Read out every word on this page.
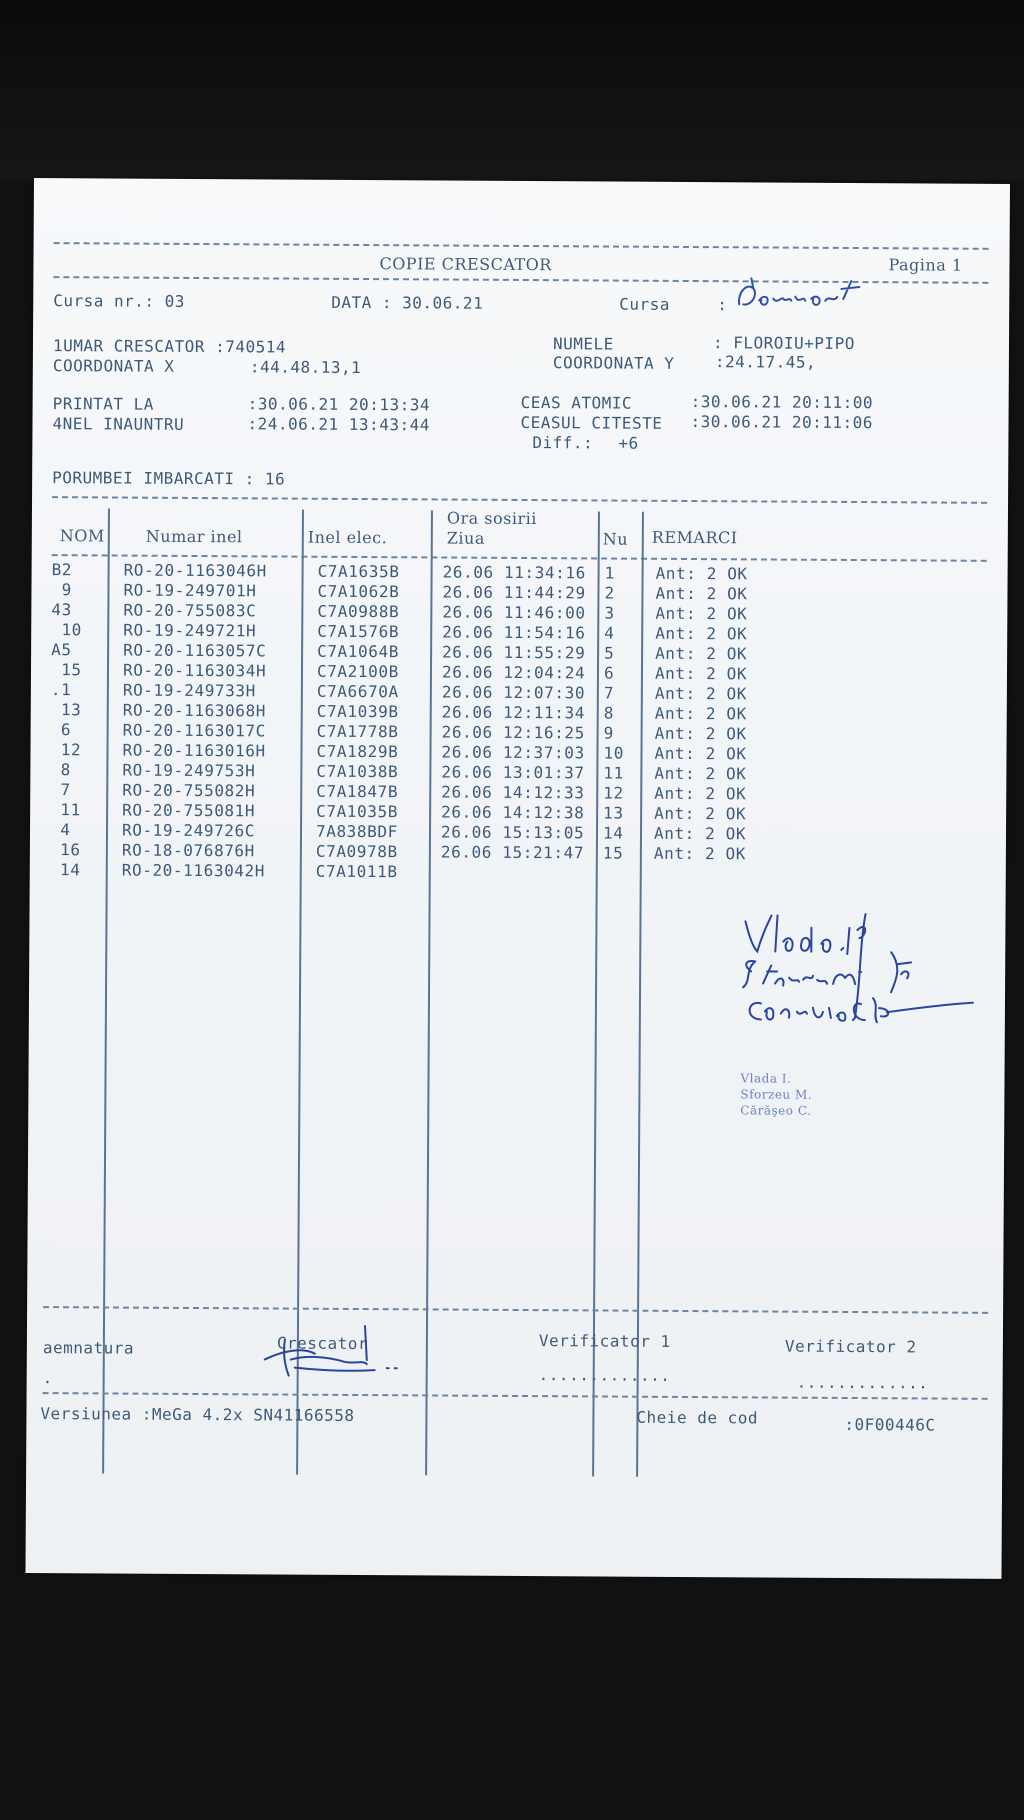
COPIE CRESCATOR	Pagina 1
Cursa nr.: 03	DATA : 30.06.21	Cursa	:
1UMAR CRESCATOR :740514
COORDONATA X	:44.48.13,1
NUMELE	: FLOROIU+PIPO
COORDONATA Y	:24.17.45,
PRINTAT LA	:30.06.21 20:13:34
4NEL INAUNTRU	:24.06.21 13:43:44
CEAS ATOMIC	:30.06.21 20:11:00
CEASUL CITESTE :30.06.21 20:11:06
Diff.: +6
PORUMBEI IMBARCATI : 16
NOM	Numar inel	Inel elec.
Ora sosirii
Ziua	Nu REMARCI
B2	RO-20-1163046H	C7A1635B	26.06 11:34:16 1	Ant: 2 OK
9	RO-19-249701H	C7A1062B	26.06 11:44:29 2	Ant: 2 OK
43	RO-20-755083C	C7A0988B	26.06 11:46:00 3	Ant: 2 OK
10	RO-19-249721H	C7A1576B	26.06 11:54:16 4	Ant: 2 OK
A5	RO-20-1163057C	C7A1064B	26.06 11:55:29 5	Ant: 2 OK
15	RO-20-1163034H	C7A2100B	26.06 12:04:24 6	Ant: 2 OK
.1	RO-19-249733H	C7A6670A	26.06 12:07:30 7	Ant: 2 OK
13	RO-20-1163068H	C7A1039B	26.06 12:11:34 8	Ant: 2 OK
6	RO-20-1163017C	C7A1778B	26.06 12:16:25 9	Ant: 2 OK
12	RO-20-1163016H	C7A1829B	26.06 12:37:03 10 Ant: 2 OK
8	RO-19-249753H	C7A1038B	26.06 13:01:37 11 Ant: 2 OK
7	RO-20-755082H	C7A1847B	26.06 14:12:33 12 Ant: 2 OK
11	RO-20-755081H	C7A1035B	26.06 14:12:38 13 Ant: 2 OK
4	RO-19-249726C	7A838BDF	26.06 15:13:05 14 Ant: 2 OK
16	RO-18-076876H	C7A0978B	26.06 15:21:47 15 Ant: 2 OK
14	RO-20-1163042H	C7A1011B
Vlada I.
Sforzeu M.
Cărăşeo C.
aemnatura	Crescator	Verificator 1	Verificator 2
.	.............	.............
Versiunea :MeGa 4.2x SN41166558	Cheie de cod	:0F00446C
